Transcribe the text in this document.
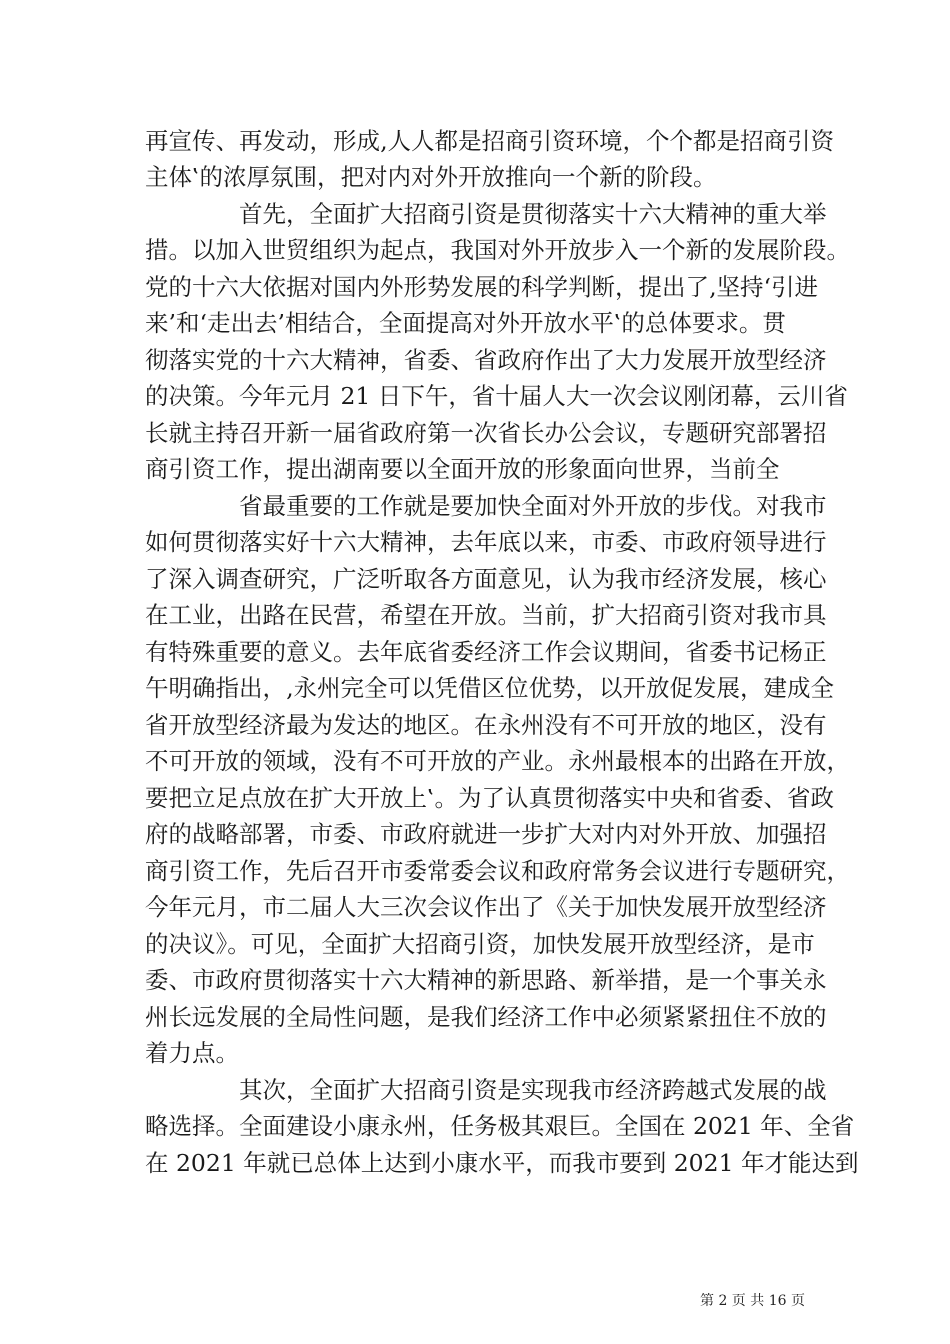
再宣传、再发动，形成‚人人都是招商引资环境，个个都是招商引资
主体‛的浓厚氛围，把对内对外开放推向一个新的阶段。
　　　　首先，全面扩大招商引资是贯彻落实十六大精神的重大举
措。以加入世贸组织为起点，我国对外开放步入一个新的发展阶段。
党的十六大依据对国内外形势发展的科学判断，提出了‚坚持‘引进
来’和‘走出去’相结合，全面提高对外开放水平‛的总体要求。贯
彻落实党的十六大精神，省委、省政府作出了大力发展开放型经济
的决策。今年元月 21 日下午，省十届人大一次会议刚闭幕，云川省
长就主持召开新一届省政府第一次省长办公会议，专题研究部署招
商引资工作，提出湖南要以全面开放的形象面向世界，当前全
　　　　省最重要的工作就是要加快全面对外开放的步伐。对我市
如何贯彻落实好十六大精神，去年底以来，市委、市政府领导进行
了深入调查研究，广泛听取各方面意见，认为我市经济发展，核心
在工业，出路在民营，希望在开放。当前，扩大招商引资对我市具
有特殊重要的意义。去年底省委经济工作会议期间，省委书记杨正
午明确指出，‚永州完全可以凭借区位优势，以开放促发展，建成全
省开放型经济最为发达的地区。在永州没有不可开放的地区，没有
不可开放的领域，没有不可开放的产业。永州最根本的出路在开放，
要把立足点放在扩大开放上‛。为了认真贯彻落实中央和省委、省政
府的战略部署，市委、市政府就进一步扩大对内对外开放、加强招
商引资工作，先后召开市委常委会议和政府常务会议进行专题研究，
今年元月，市二届人大三次会议作出了《关于加快发展开放型经济
的决议》。可见，全面扩大招商引资，加快发展开放型经济，是市
委、市政府贯彻落实十六大精神的新思路、新举措，是一个事关永
州长远发展的全局性问题，是我们经济工作中必须紧紧扭住不放的
着力点。
　　　　其次，全面扩大招商引资是实现我市经济跨越式发展的战
略选择。全面建设小康永州，任务极其艰巨。全国在 2021 年、全省
在 2021 年就已总体上达到小康水平，而我市要到 2021 年才能达到
第 2 页 共 16 页
